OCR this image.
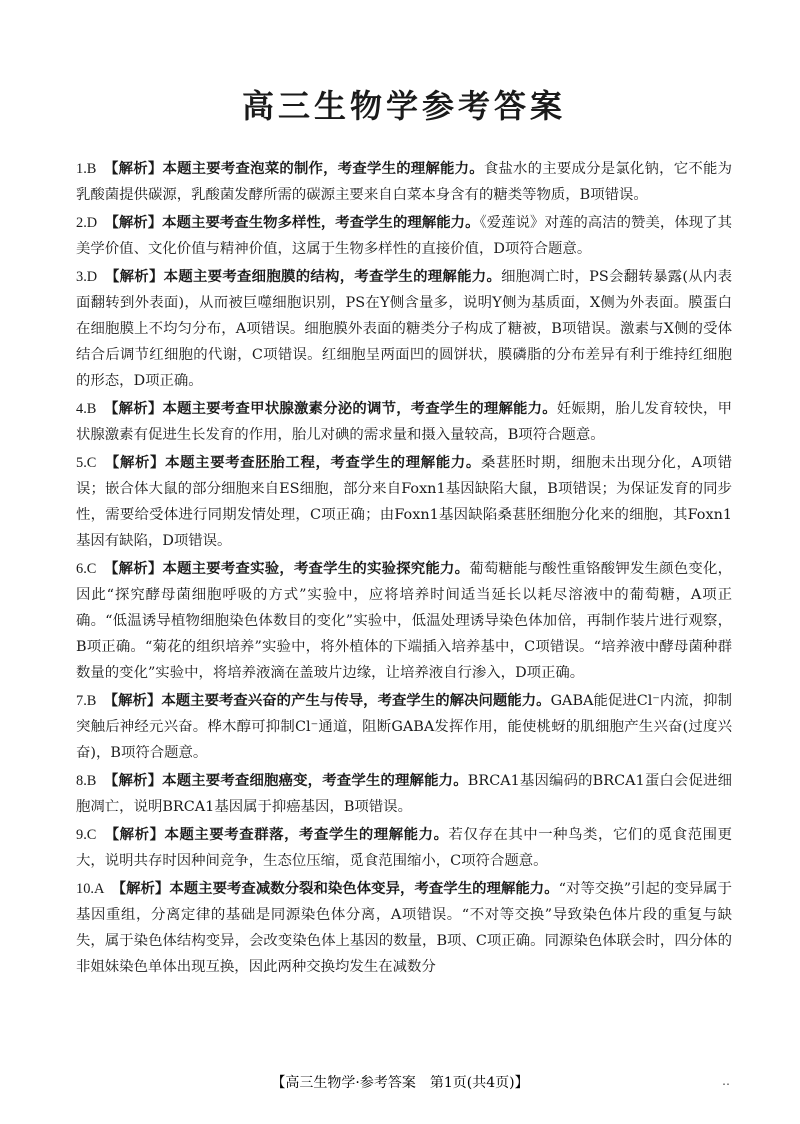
高三生物学参考答案
1.B　 【解析】本题主要考查泡菜的制作，考查学生的理解能力。食盐水的主要成分是氯化钠，它不能为乳酸菌提供碳源，乳酸菌发酵所需的碳源主要来自白菜本身含有的糖类等物质，B项错误。
2.D　 【解析】本题主要考查生物多样性，考查学生的理解能力。《爱莲说》对莲的高洁的赞美，体现了其美学价值、文化价值与精神价值，这属于生物多样性的直接价值，D项符合题意。
3.D　 【解析】本题主要考查细胞膜的结构，考查学生的理解能力。细胞凋亡时，PS会翻转暴露(从内表面翻转到外表面)，从而被巨噬细胞识别，PS在Y侧含量多，说明Y侧为基质面，X侧为外表面。膜蛋白在细胞膜上不均匀分布，A项错误。细胞膜外表面的糖类分子构成了糖被，B项错误。激素与X侧的受体结合后调节红细胞的代谢，C项错误。红细胞呈两面凹的圆饼状，膜磷脂的分布差异有利于维持红细胞的形态，D项正确。
4.B　 【解析】本题主要考查甲状腺激素分泌的调节，考查学生的理解能力。妊娠期，胎儿发育较快，甲状腺激素有促进生长发育的作用，胎儿对碘的需求量和摄入量较高，B项符合题意。
5.C　 【解析】本题主要考查胚胎工程，考查学生的理解能力。桑葚胚时期，细胞未出现分化，A项错误；嵌合体大鼠的部分细胞来自ES细胞，部分来自Foxn1基因缺陷大鼠，B项错误；为保证发育的同步性，需要给受体进行同期发情处理，C项正确；由Foxn1基因缺陷桑葚胚细胞分化来的细胞，其Foxn1基因有缺陷，D项错误。
6.C　 【解析】本题主要考查实验，考查学生的实验探究能力。葡萄糖能与酸性重铬酸钾发生颜色变化，因此“探究酵母菌细胞呼吸的方式”实验中，应将培养时间适当延长以耗尽溶液中的葡萄糖，A项正确。“低温诱导植物细胞染色体数目的变化”实验中，低温处理诱导染色体加倍，再制作装片进行观察，B项正确。“菊花的组织培养”实验中，将外植体的下端插入培养基中，C项错误。“培养液中酵母菌种群数量的变化”实验中，将培养液滴在盖玻片边缘，让培养液自行渗入，D项正确。
7.B　 【解析】本题主要考查兴奋的产生与传导，考查学生的解决问题能力。GABA能促进Cl⁻内流，抑制突触后神经元兴奋。桦木醇可抑制Cl⁻通道，阻断GABA发挥作用，能使桃蚜的肌细胞产生兴奋(过度兴奋)，B项符合题意。
8.B　 【解析】本题主要考查细胞癌变，考查学生的理解能力。BRCA1基因编码的BRCA1蛋白会促进细胞凋亡，说明BRCA1基因属于抑癌基因，B项错误。
9.C　 【解析】本题主要考查群落，考查学生的理解能力。若仅存在其中一种鸟类，它们的觅食范围更大，说明共存时因种间竞争，生态位压缩，觅食范围缩小，C项符合题意。
10.A　 【解析】本题主要考查减数分裂和染色体变异，考查学生的理解能力。“对等交换”引起的变异属于基因重组，分离定律的基础是同源染色体分离，A项错误。“不对等交换”导致染色体片段的重复与缺失，属于染色体结构变异，会改变染色体上基因的数量，B项、C项正确。同源染色体联会时，四分体的非姐妹染色单体出现互换，因此两种交换均发生在减数分
【高三生物学·参考答案　第1页(共4页)】	‥
